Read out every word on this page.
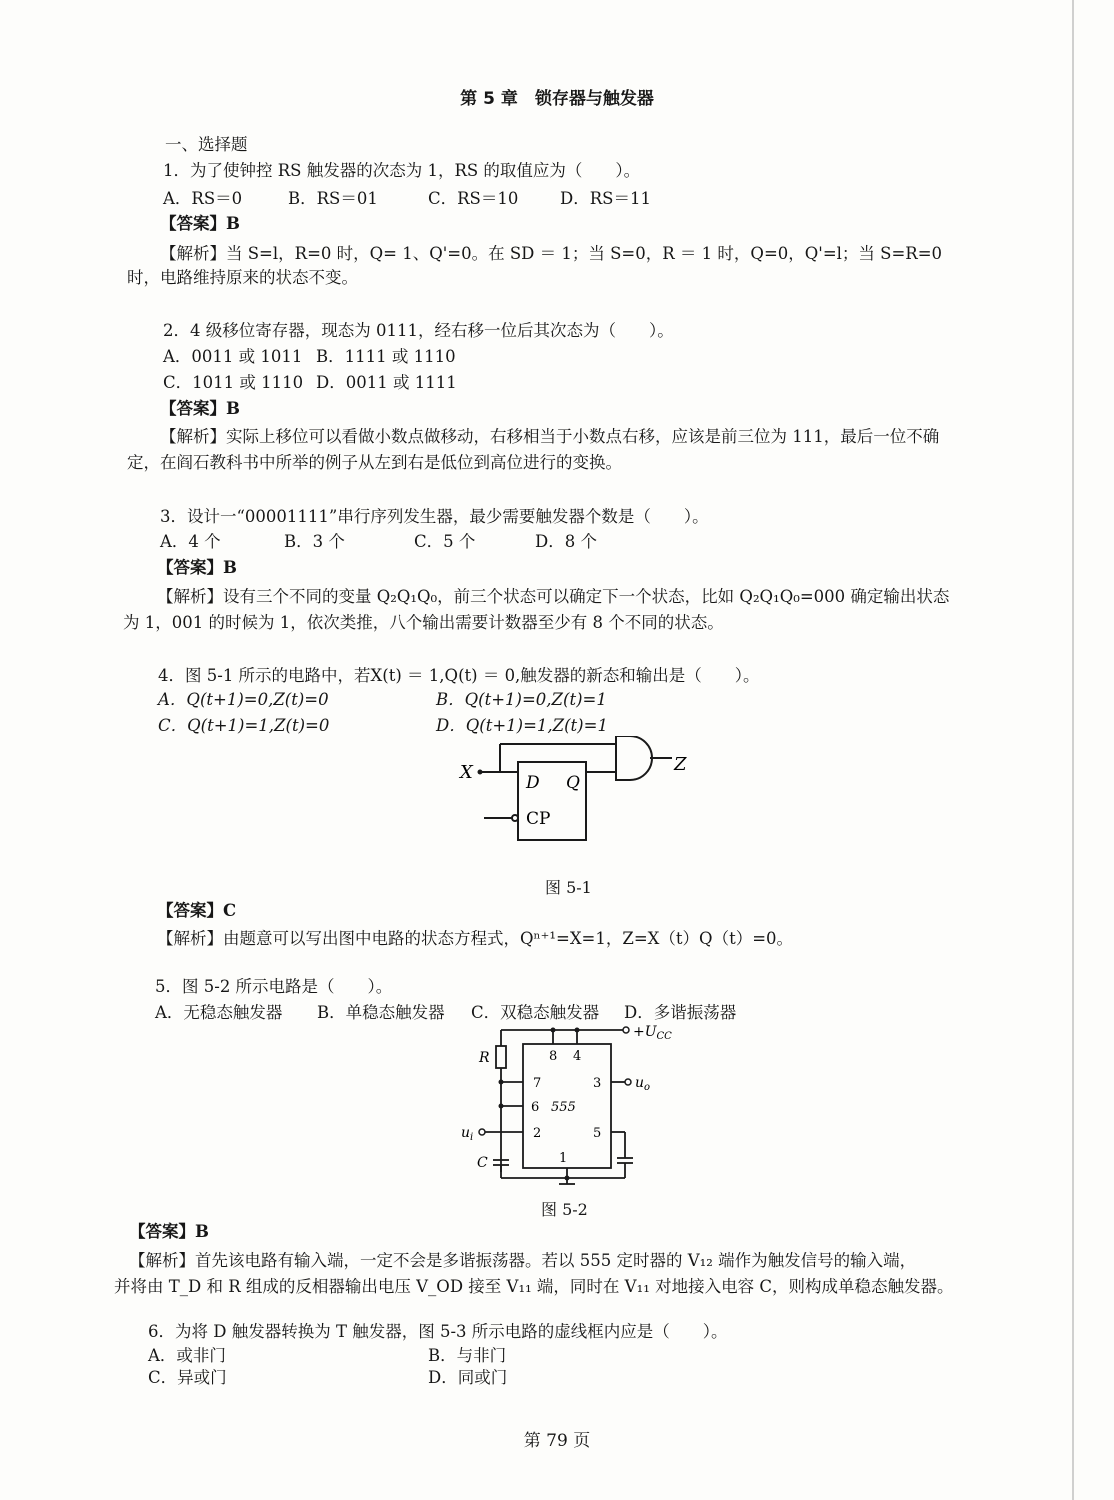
第 5 章　锁存器与触发器
一、选择题
1．为了使钟控 RS 触发器的次态为 1，RS 的取值应为（　　）。
A．RS＝0	B．RS＝01	C．RS＝10	D．RS＝11
【答案】B
【解析】当 S=l，R=0 时，Q= 1、Q'=0。在 SD ＝ 1；当 S=0，R ＝ 1 时，Q=0，Q'=l；当 S=R=0
时，电路维持原来的状态不变。
2．4 级移位寄存器，现态为 0111，经右移一位后其次态为（　　）。
A．0011 或 1011 B．1111 或 1110
C．1011 或 1110 D．0011 或 1111
【答案】B
【解析】实际上移位可以看做小数点做移动，右移相当于小数点右移，应该是前三位为 111，最后一位不确
定，在阎石教科书中所举的例子从左到右是低位到高位进行的变换。
3．设计一“00001111”串行序列发生器，最少需要触发器个数是（　　）。
A．4 个	B．3 个	C．5 个	D．8 个
【答案】B
【解析】设有三个不同的变量 Q₂Q₁Q₀，前三个状态可以确定下一个状态，比如 Q₂Q₁Q₀=000 确定输出状态
为 1，001 的时候为 1，依次类推，八个输出需要计数器至少有 8 个不同的状态。
4．图 5-1 所示的电路中，若X(t) ＝ 1,Q(t) ＝ 0,触发器的新态和输出是（　　）。
A．Q(t+1)=0,Z(t)=0	B．Q(t+1)=0,Z(t)=1
C．Q(t+1)=1,Z(t)=0	D．Q(t+1)=1,Z(t)=1
X	D Q
CP
Z
图 5-1
【答案】C
【解析】由题意可以写出图中电路的状态方程式，Qⁿ⁺¹=X=1，Z=X（t）Q（t）=0。
5．图 5-2 所示电路是（　　）。
A．无稳态触发器 B．单稳态触发器 C．双稳态触发器 D．多谐振荡器
$+U_{CC}$
$u_o$
$u_i$
R
C
555
8 4
7	3
6
2	5
1
图 5-2
【答案】B
【解析】首先该电路有输入端，一定不会是多谐振荡器。若以 555 定时器的 V₁₂ 端作为触发信号的输入端，
并将由 T_D 和 R 组成的反相器输出电压 V_OD 接至 V₁₁ 端，同时在 V₁₁ 对地接入电容 C，则构成单稳态触发器。
6．为将 D 触发器转换为 T 触发器，图 5-3 所示电路的虚线框内应是（　　）。
A．或非门	B．与非门
C．异或门	D．同或门
第 79 页
